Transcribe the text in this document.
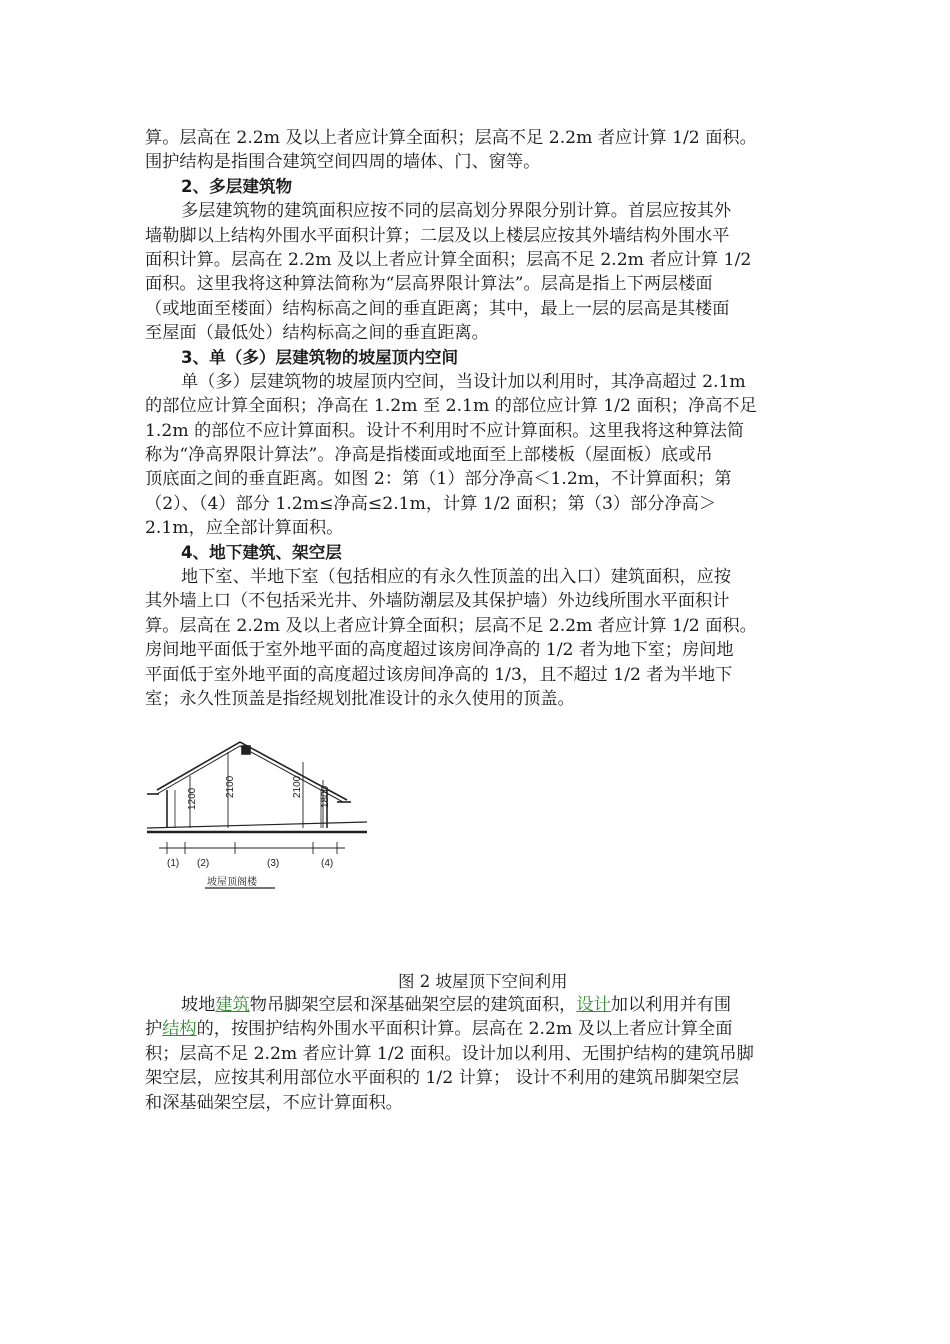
算。层高在 2.2m 及以上者应计算全面积；层高不足 2.2m 者应计算 1/2 面积。
围护结构是指围合建筑空间四周的墙体、门、窗等。
2、多层建筑物
多层建筑物的建筑面积应按不同的层高划分界限分别计算。首层应按其外
墙勒脚以上结构外围水平面积计算；二层及以上楼层应按其外墙结构外围水平
面积计算。层高在 2.2m 及以上者应计算全面积；层高不足 2.2m 者应计算 1/2
面积。这里我将这种算法简称为“层高界限计算法”。层高是指上下两层楼面
（或地面至楼面）结构标高之间的垂直距离；其中，最上一层的层高是其楼面
至屋面（最低处）结构标高之间的垂直距离。
3、单（多）层建筑物的坡屋顶内空间
单（多）层建筑物的坡屋顶内空间，当设计加以利用时，其净高超过 2.1m
的部位应计算全面积；净高在 1.2m 至 2.1m 的部位应计算 1/2 面积；净高不足
1.2m 的部位不应计算面积。设计不利用时不应计算面积。这里我将这种算法简
称为“净高界限计算法”。净高是指楼面或地面至上部楼板（屋面板）底或吊
顶底面之间的垂直距离。如图 2：第（1）部分净高＜1.2m，不计算面积；第
（2）、（4）部分 1.2m≤净高≤2.1m，计算 1/2 面积；第（3）部分净高＞
2.1m，应全部计算面积。
4、地下建筑、架空层
地下室、半地下室（包括相应的有永久性顶盖的出入口）建筑面积，应按
其外墙上口（不包括采光井、外墙防潮层及其保护墙）外边线所围水平面积计
算。层高在 2.2m 及以上者应计算全面积；层高不足 2.2m 者应计算 1/2 面积。
房间地平面低于室外地平面的高度超过该房间净高的 1/2 者为地下室；房间地
平面低于室外地平面的高度超过该房间净高的 1/3，且不超过 1/2 者为半地下
室；永久性顶盖是指经规划批准设计的永久使用的顶盖。
1200
2100	2100 1800
(1) (2)	(3)	(4)
坡屋顶阁楼
图 2 坡屋顶下空间利用
坡地建筑物吊脚架空层和深基础架空层的建筑面积，设计加以利用并有围
护结构的，按围护结构外围水平面积计算。层高在 2.2m 及以上者应计算全面
积；层高不足 2.2m 者应计算 1/2 面积。设计加以利用、无围护结构的建筑吊脚
架空层，应按其利用部位水平面积的 1/2 计算； 设计不利用的建筑吊脚架空层
和深基础架空层，不应计算面积。
